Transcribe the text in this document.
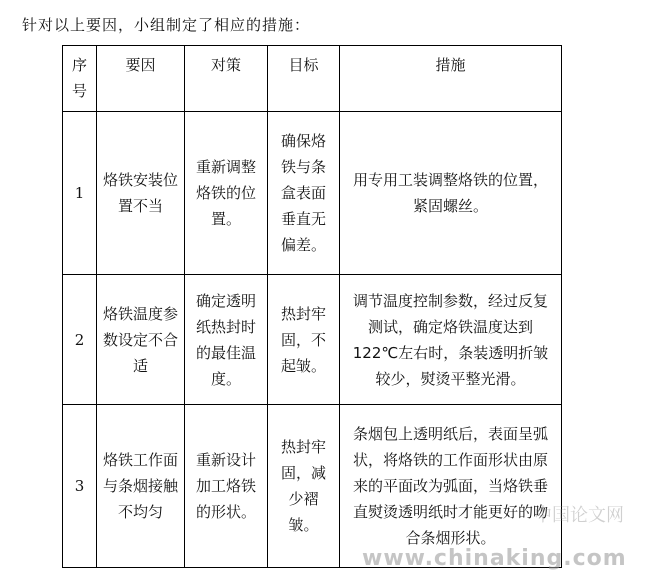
针对以上要因，小组制定了相应的措施：
序号	要因	对策	目标	措施
1	烙铁安装位置不当	重新调整烙铁的位置。	确保烙铁与条盒表面垂直无偏差。	用专用工装调整烙铁的位置，紧固螺丝。
2	烙铁温度参数设定不合适	确定透明纸热封时的最佳温度。	热封牢固，不起皱。	调节温度控制参数，经过反复测试，确定烙铁温度达到122℃左右时，条装透明折皱较少，熨烫平整光滑。
3	烙铁工作面与条烟接触不均匀	重新设计加工烙铁的形状。	热封牢固，减少褶 皱。	条烟包上透明纸后，表面呈弧状，将烙铁的工作面形状由原来的平面改为弧面，当烙铁垂直熨烫透明纸时才能更好的吻合条烟形状。
中国论文网
www.chinaking.com
